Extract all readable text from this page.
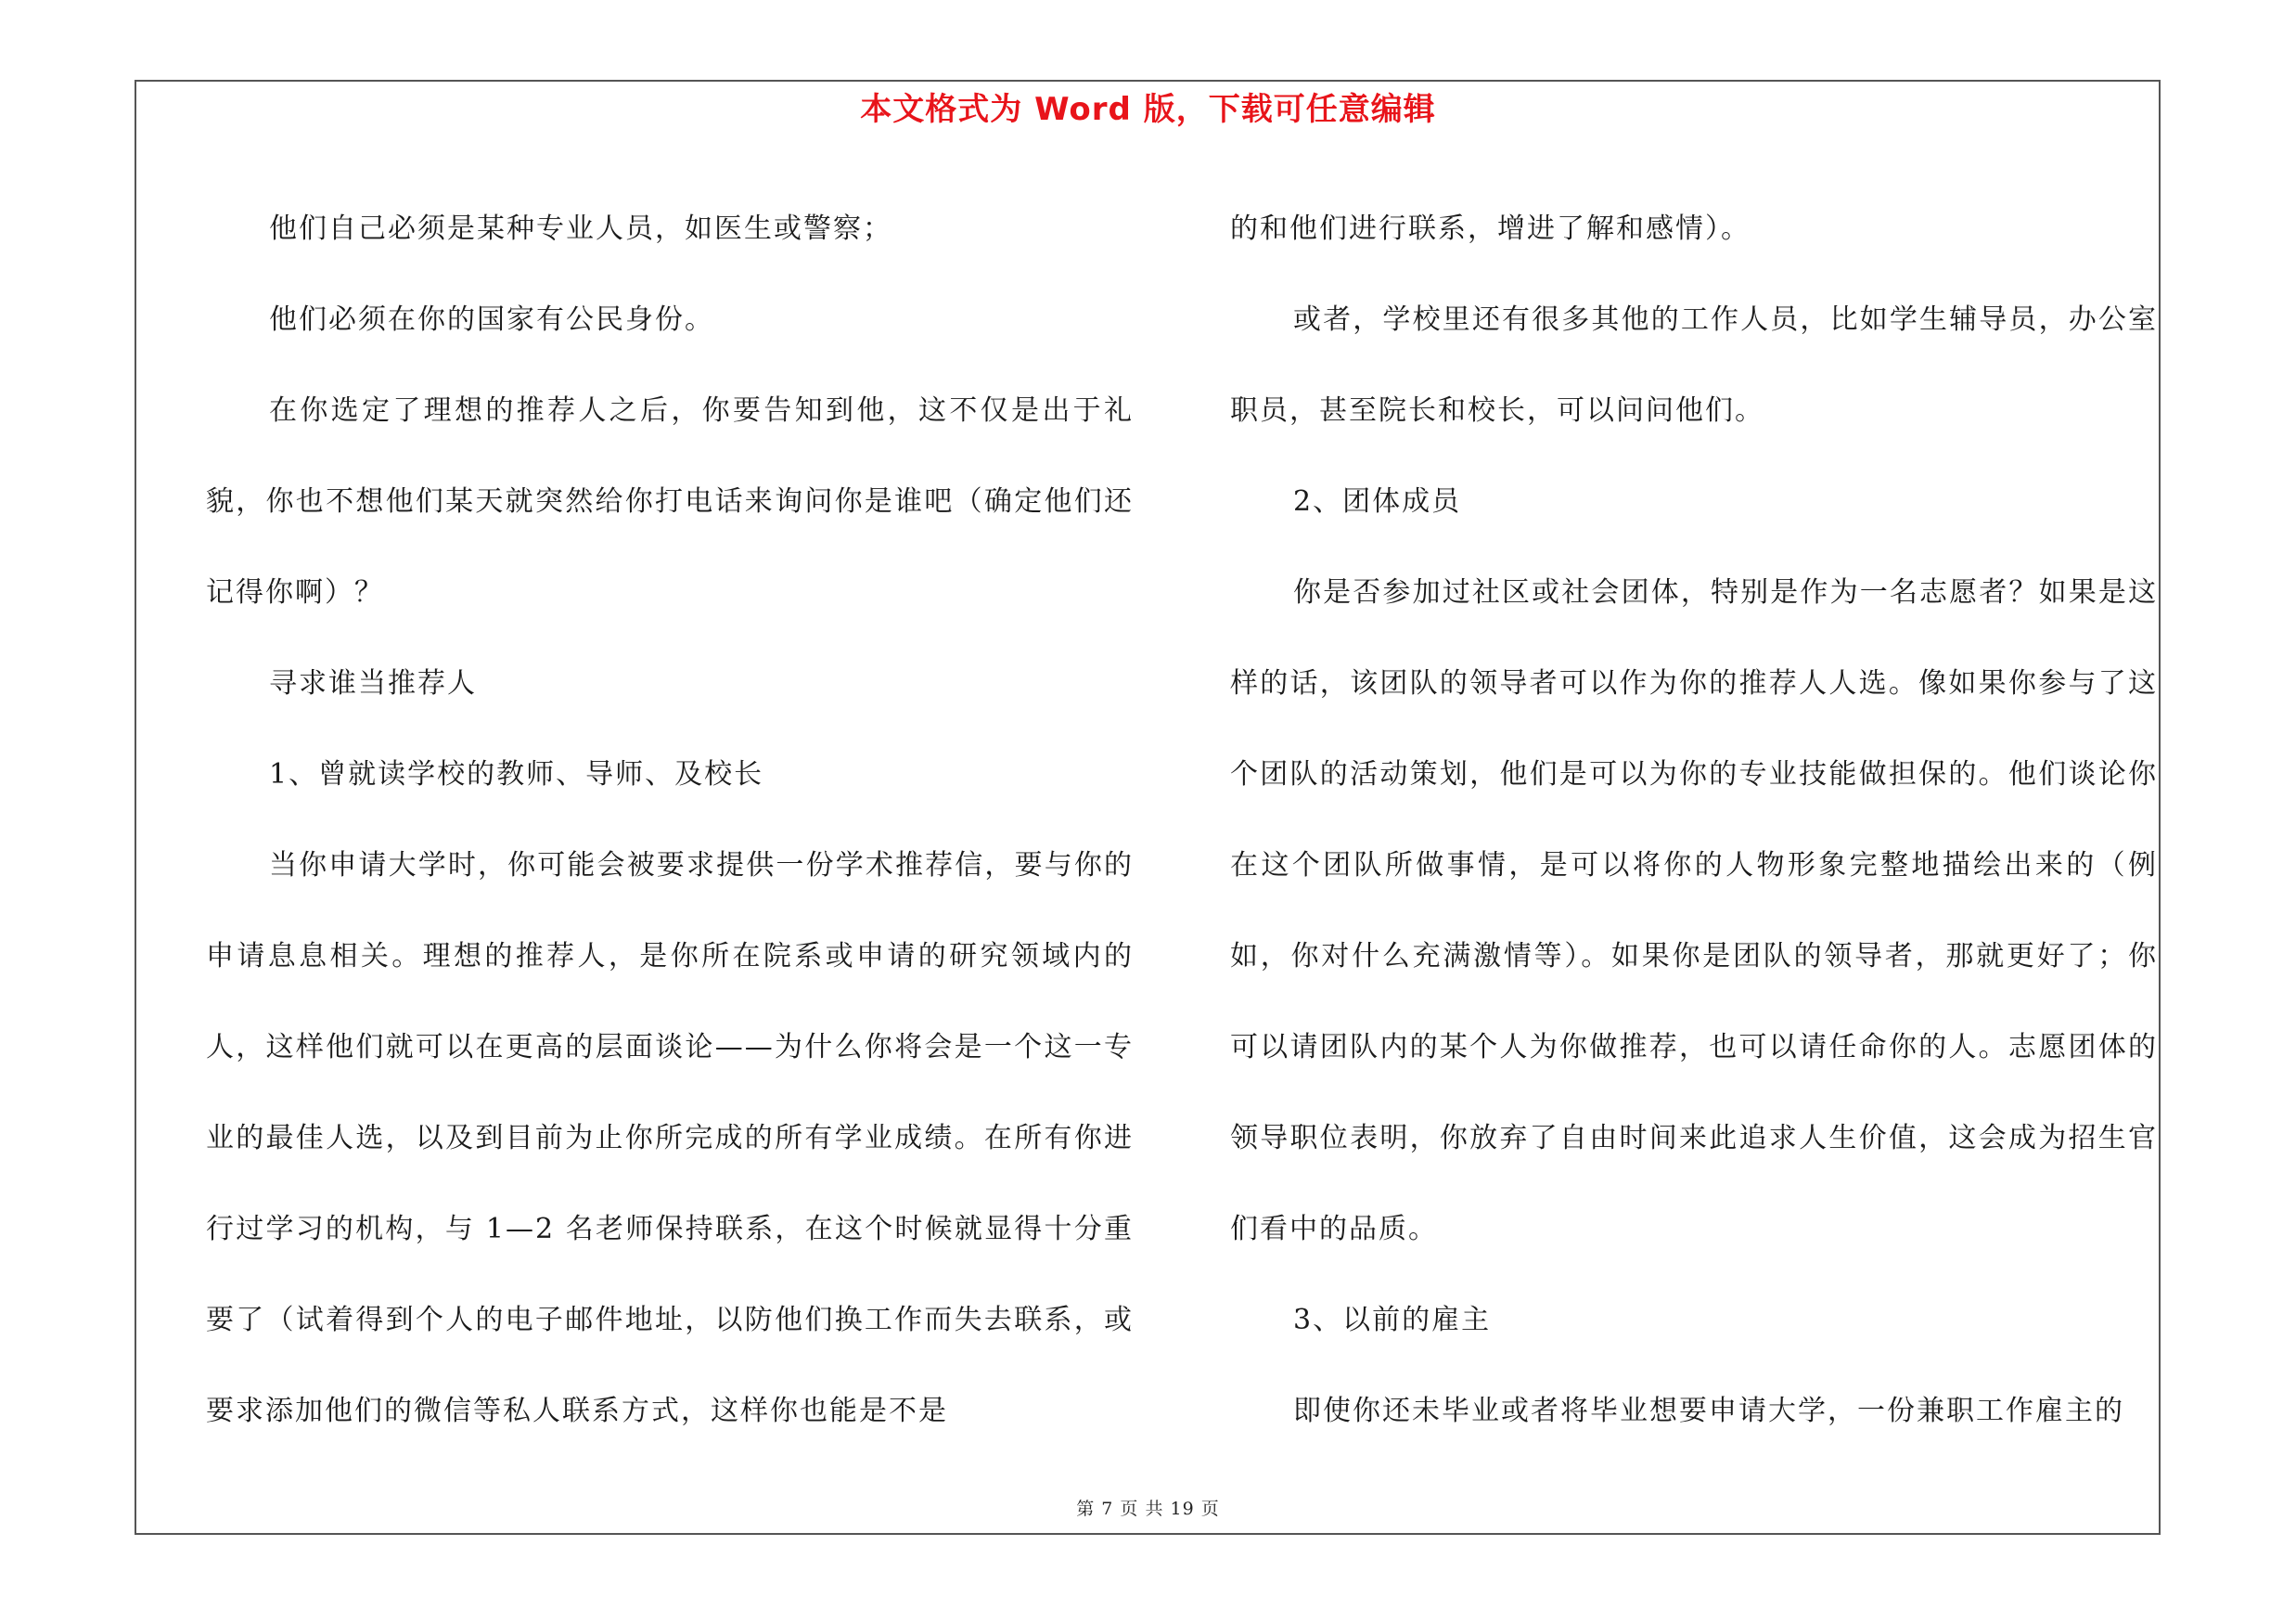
本文格式为 Word 版，下载可任意编辑

他们自己必须是某种专业人员，如医生或警察；

他们必须在你的国家有公民身份。

在你选定了理想的推荐人之后，你要告知到他，这不仅是出于礼貌，你也不想他们某天就突然给你打电话来询问你是谁吧（确定他们还记得你啊）？

寻求谁当推荐人

1、曾就读学校的教师、导师、及校长

当你申请大学时，你可能会被要求提供一份学术推荐信，要与你的申请息息相关。理想的推荐人，是你所在院系或申请的研究领域内的人，这样他们就可以在更高的层面谈论——为什么你将会是一个这一专业的最佳人选，以及到目前为止你所完成的所有学业成绩。在所有你进行过学习的机构，与 1—2 名老师保持联系，在这个时候就显得十分重要了（试着得到个人的电子邮件地址，以防他们换工作而失去联系，或要求添加他们的微信等私人联系方式，这样你也能是不是

的和他们进行联系，增进了解和感情）。

或者，学校里还有很多其他的工作人员，比如学生辅导员，办公室职员，甚至院长和校长，可以问问他们。

2、团体成员

你是否参加过社区或社会团体，特别是作为一名志愿者？如果是这样的话，该团队的领导者可以作为你的推荐人人选。像如果你参与了这个团队的活动策划，他们是可以为你的专业技能做担保的。他们谈论你在这个团队所做事情，是可以将你的人物形象完整地描绘出来的（例如，你对什么充满激情等）。如果你是团队的领导者，那就更好了；你可以请团队内的某个人为你做推荐，也可以请任命你的人。志愿团体的领导职位表明，你放弃了自由时间来此追求人生价值，这会成为招生官们看中的品质。

3、以前的雇主

即使你还未毕业或者将毕业想要申请大学，一份兼职工作雇主的

第 7 页 共 19 页
